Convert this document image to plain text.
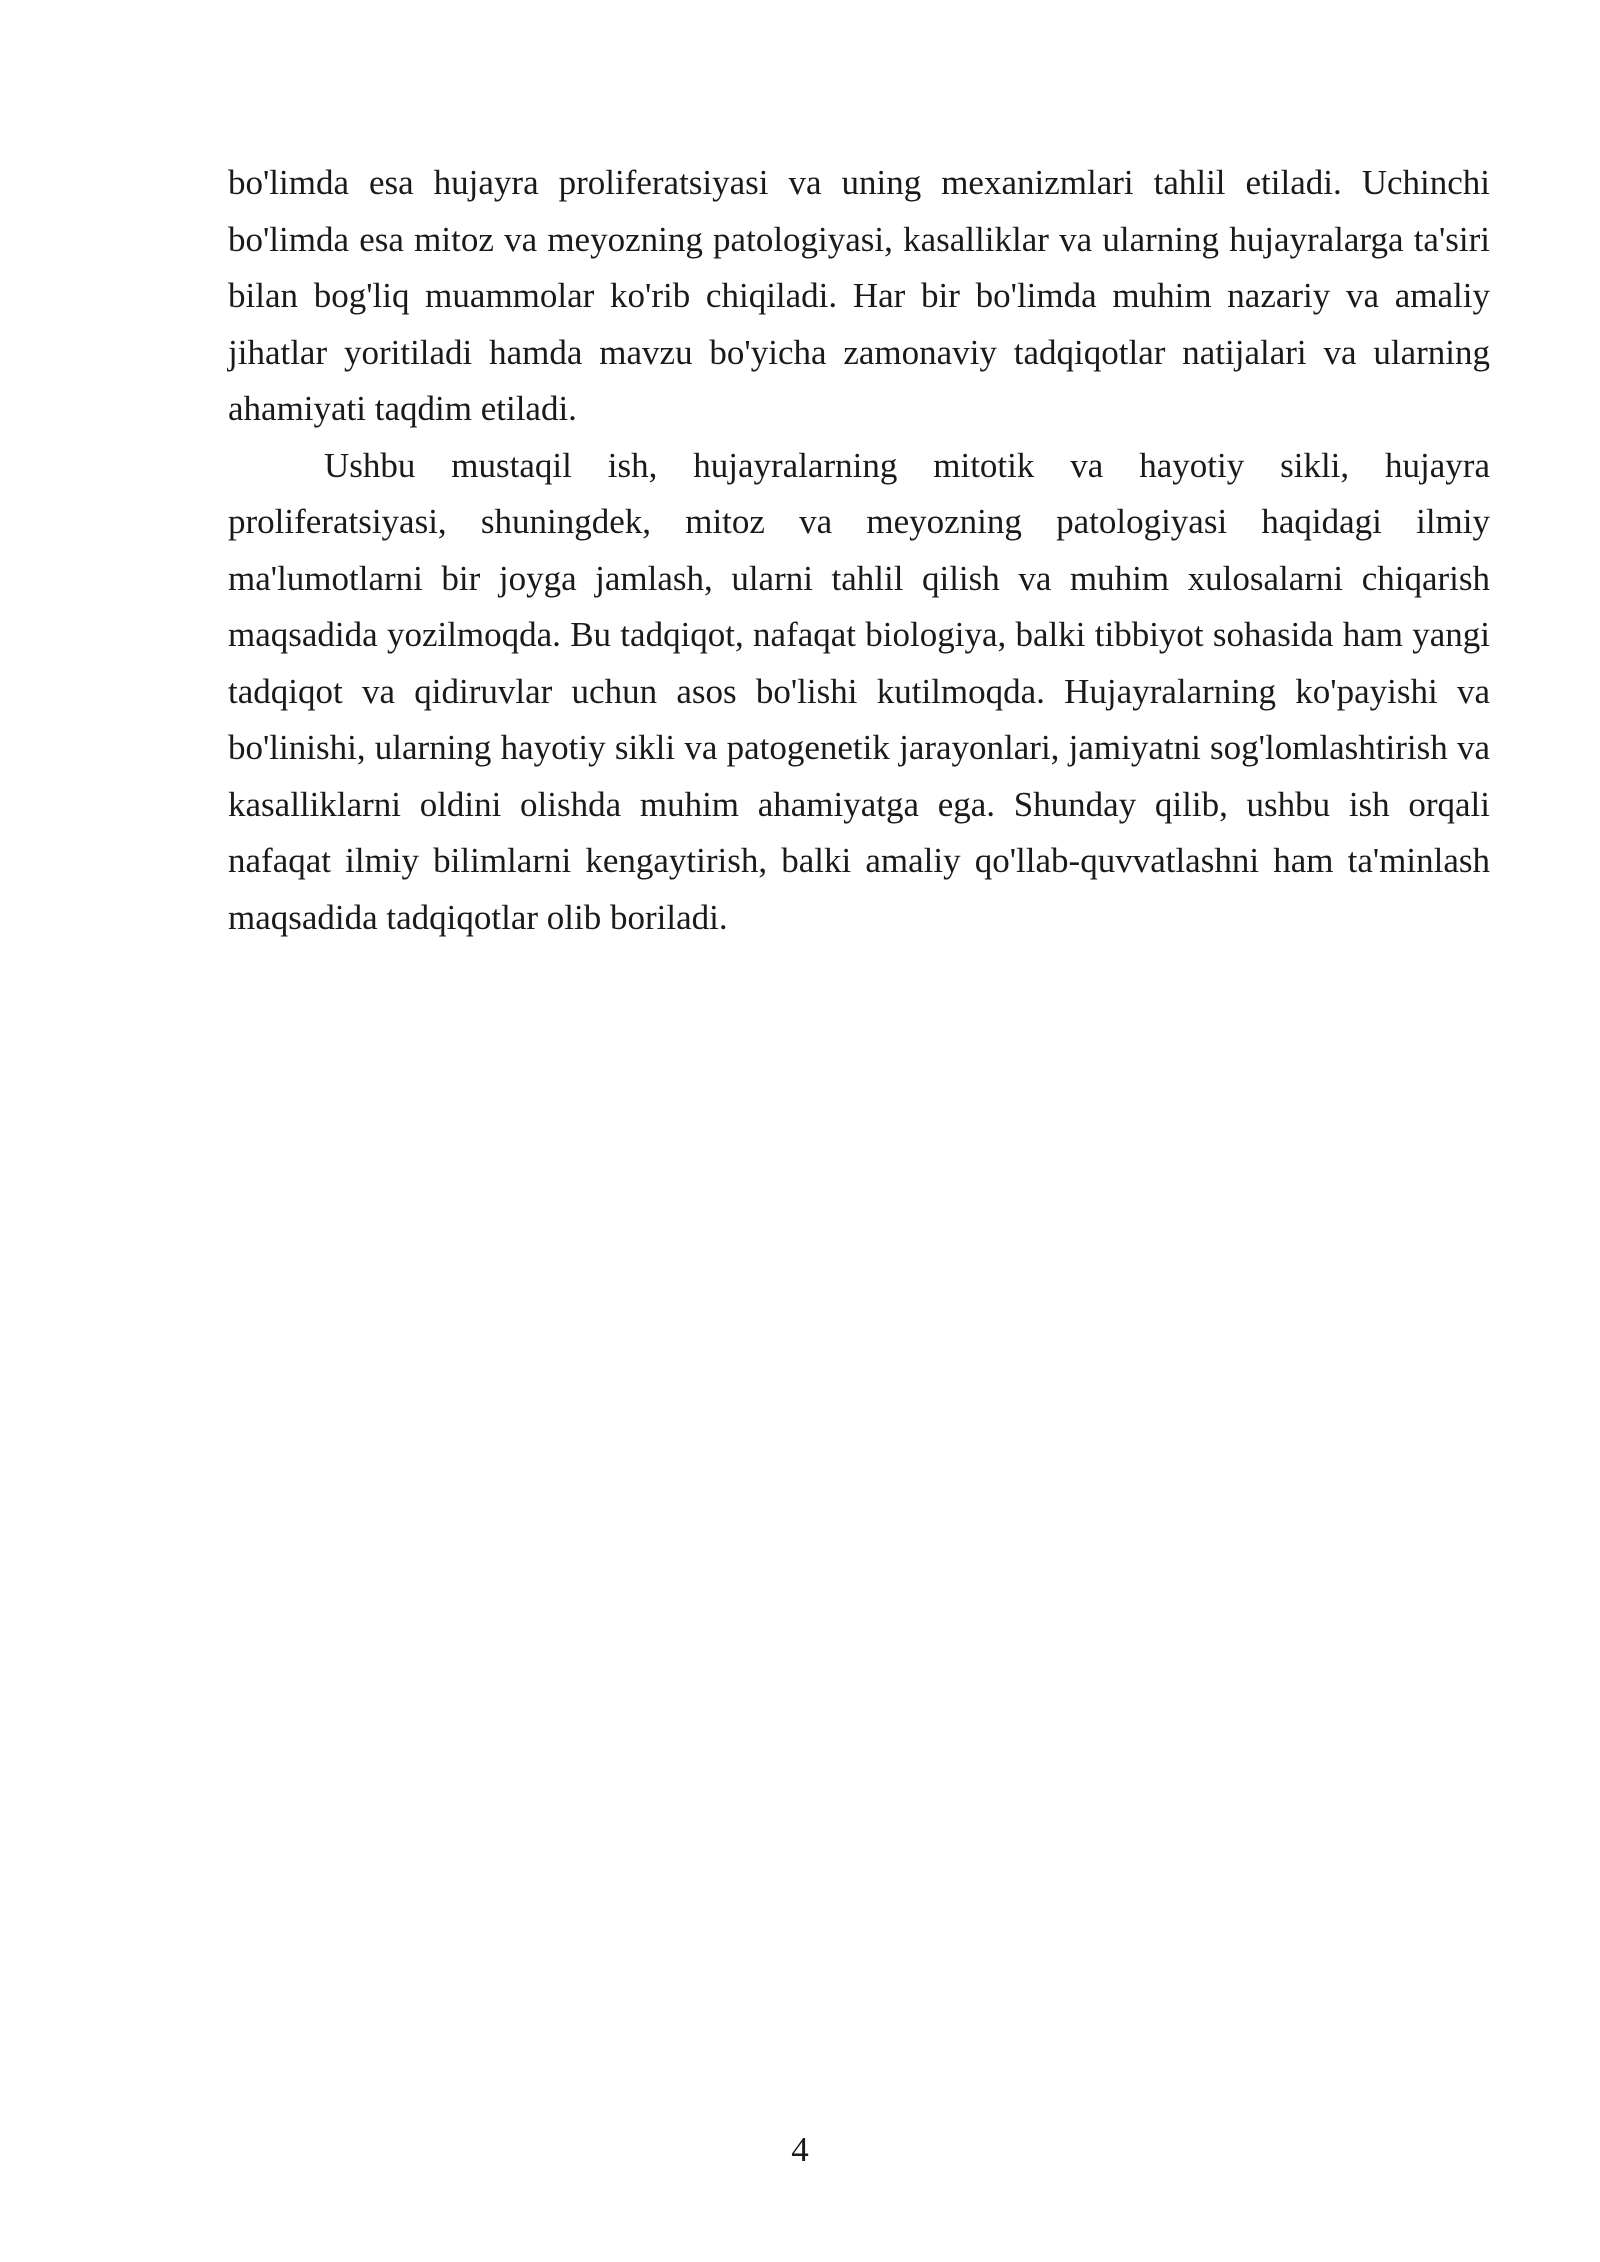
bo'limda esa hujayra proliferatsiyasi va uning mexanizmlari tahlil etiladi. Uchinchi bo'limda esa mitoz va meyozning patologiyasi, kasalliklar va ularning hujayralarga ta'siri bilan bog'liq muammolar ko'rib chiqiladi. Har bir bo'limda muhim nazariy va amaliy jihatlar yoritiladi hamda mavzu bo'yicha zamonaviy tadqiqotlar natijalari va ularning ahamiyati taqdim etiladi.

Ushbu mustaqil ish, hujayralarning mitotik va hayotiy sikli, hujayra proliferatsiyasi, shuningdek, mitoz va meyozning patologiyasi haqidagi ilmiy ma'lumotlarni bir joyga jamlash, ularni tahlil qilish va muhim xulosalarni chiqarish maqsadida yozilmoqda. Bu tadqiqot, nafaqat biologiya, balki tibbiyot sohasida ham yangi tadqiqot va qidiruvlar uchun asos bo'lishi kutilmoqda. Hujayralarning ko'payishi va bo'linishi, ularning hayotiy sikli va patogenetik jarayonlari, jamiyatni sog'lomlashtirish va kasalliklarni oldini olishda muhim ahamiyatga ega. Shunday qilib, ushbu ish orqali nafaqat ilmiy bilimlarni kengaytirish, balki amaliy qo'llab-quvvatlashni ham ta'minlash maqsadida tadqiqotlar olib boriladi.

4
